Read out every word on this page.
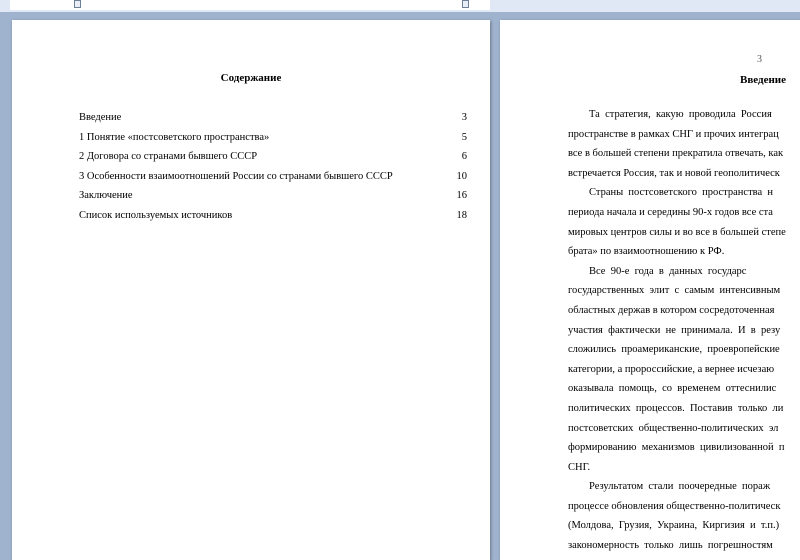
Содержание
Введение	3
1 Понятие «постсоветского пространства»	5
2 Договора со странами бывшего СССР	6
3 Особенности взаимоотношений России со странами бывшего СССР	10
Заключение	16
Список используемых источников	18
3
Введение
Та  стратегия,  какую  проводила  Россия
пространстве в рамках СНГ и прочих интеграц
все в большей степени прекратила отвечать, как
встречается Россия, так и новой геополитическ
Страны  постсоветского  пространства  н
периода начала и середины 90-х годов все ста
мировых центров силы и во все в большей степе
брата» по взаимоотношению к РФ.
Все  90-е  года  в  данных  государс
государственных  элит  с  самым  интенсивным
областных держав в котором сосредоточенная
участия  фактически  не  принимала.  И  в  резу
сложились  проамериканские,  проевропейские
категории, а пророссийские, а вернее исчезаю
оказывала  помощь,  со  временем  оттеснилис
политических  процессов.  Поставив  только  ли
постсоветских  общественно-политических  эл
формированию  механизмов  цивилизованной  п
СНГ.
Результатом  стали  поочередные  пораж
процессе обновления общественно-политическ
(Молдова,  Грузия,  Украина,  Киргизия  и  т.п.)
закономерность  только  лишь  погрешностям
